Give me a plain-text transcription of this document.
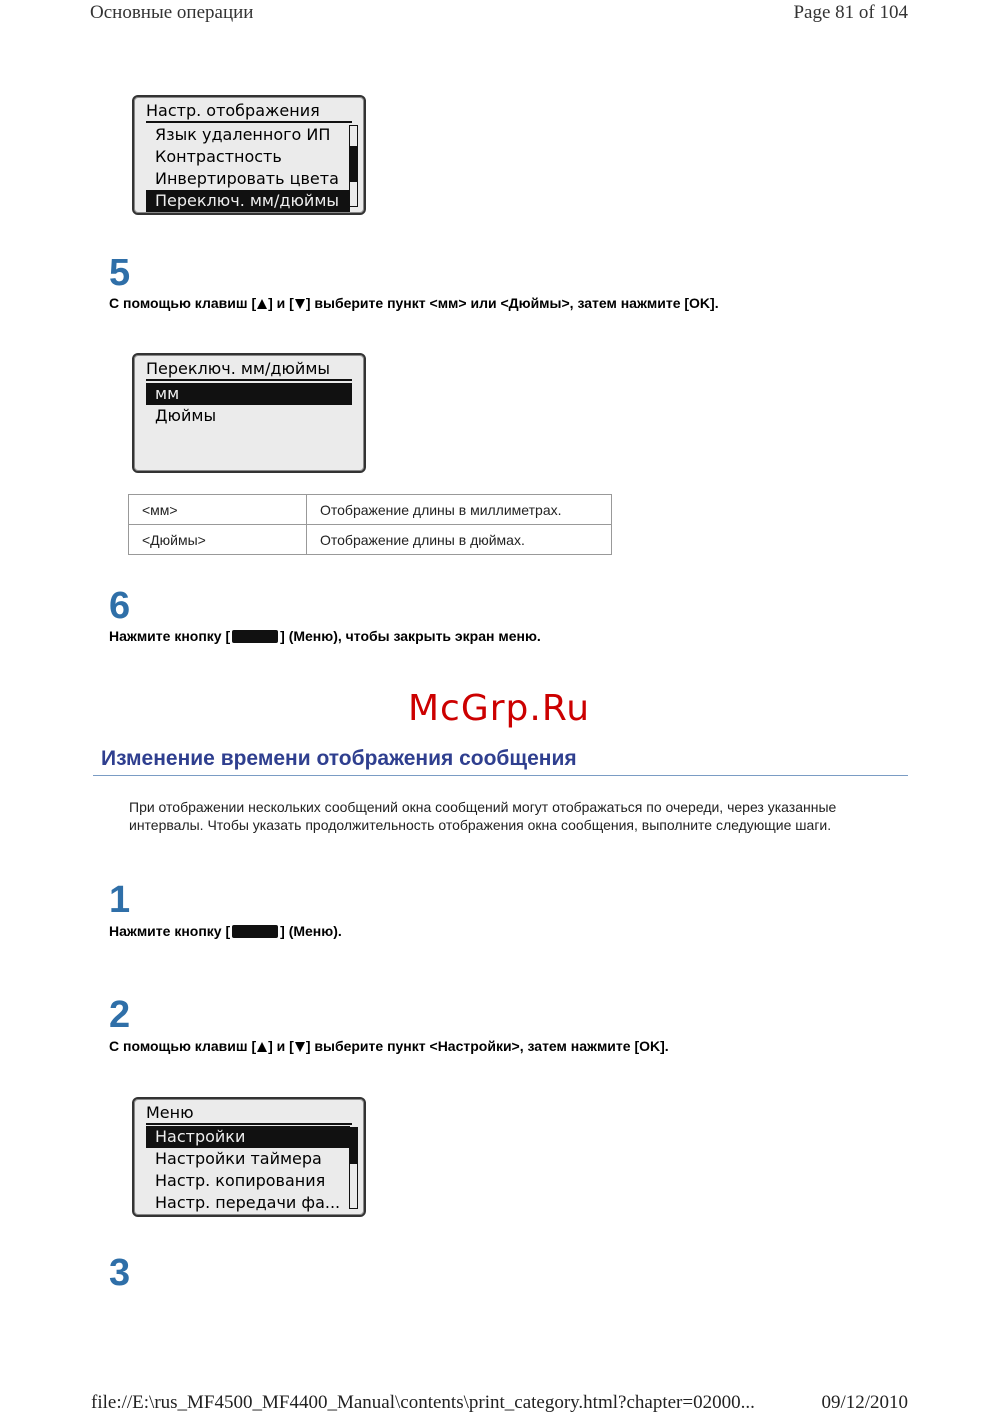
Основные операции	Page 81 of 104
Настр. отображения
Язык удаленного ИП
Контрастность
Инвертировать цвета
Переключ. мм/дюймы
5
С помощью клавиш [ ] и [ ] выберите пункт <мм> или <Дюймы>, затем нажмите [OK].
Переключ. мм/дюймы
мм
Дюймы
<мм>	Отображение длины в миллиметрах.
<Дюймы>	Отображение длины в дюймах.
6
Нажмите кнопку [	] (Меню), чтобы закрыть экран меню.
McGrp.Ru
Изменение времени отображения сообщения
При отображении нескольких сообщений окна сообщений могут отображаться по очереди, через указанные интервалы. Чтобы указать продолжительность отображения окна сообщения, выполните следующие шаги.
1
Нажмите кнопку [	] (Меню).
2
С помощью клавиш [ ] и [ ] выберите пункт <Настройки>, затем нажмите [OK].
Меню
Настройки
Настройки таймера
Настр. копирования
Настр. передачи фа...
3
file://E:\rus_MF4500_MF4400_Manual\contents\print_category.html?chapter=02000...	09/12/2010
